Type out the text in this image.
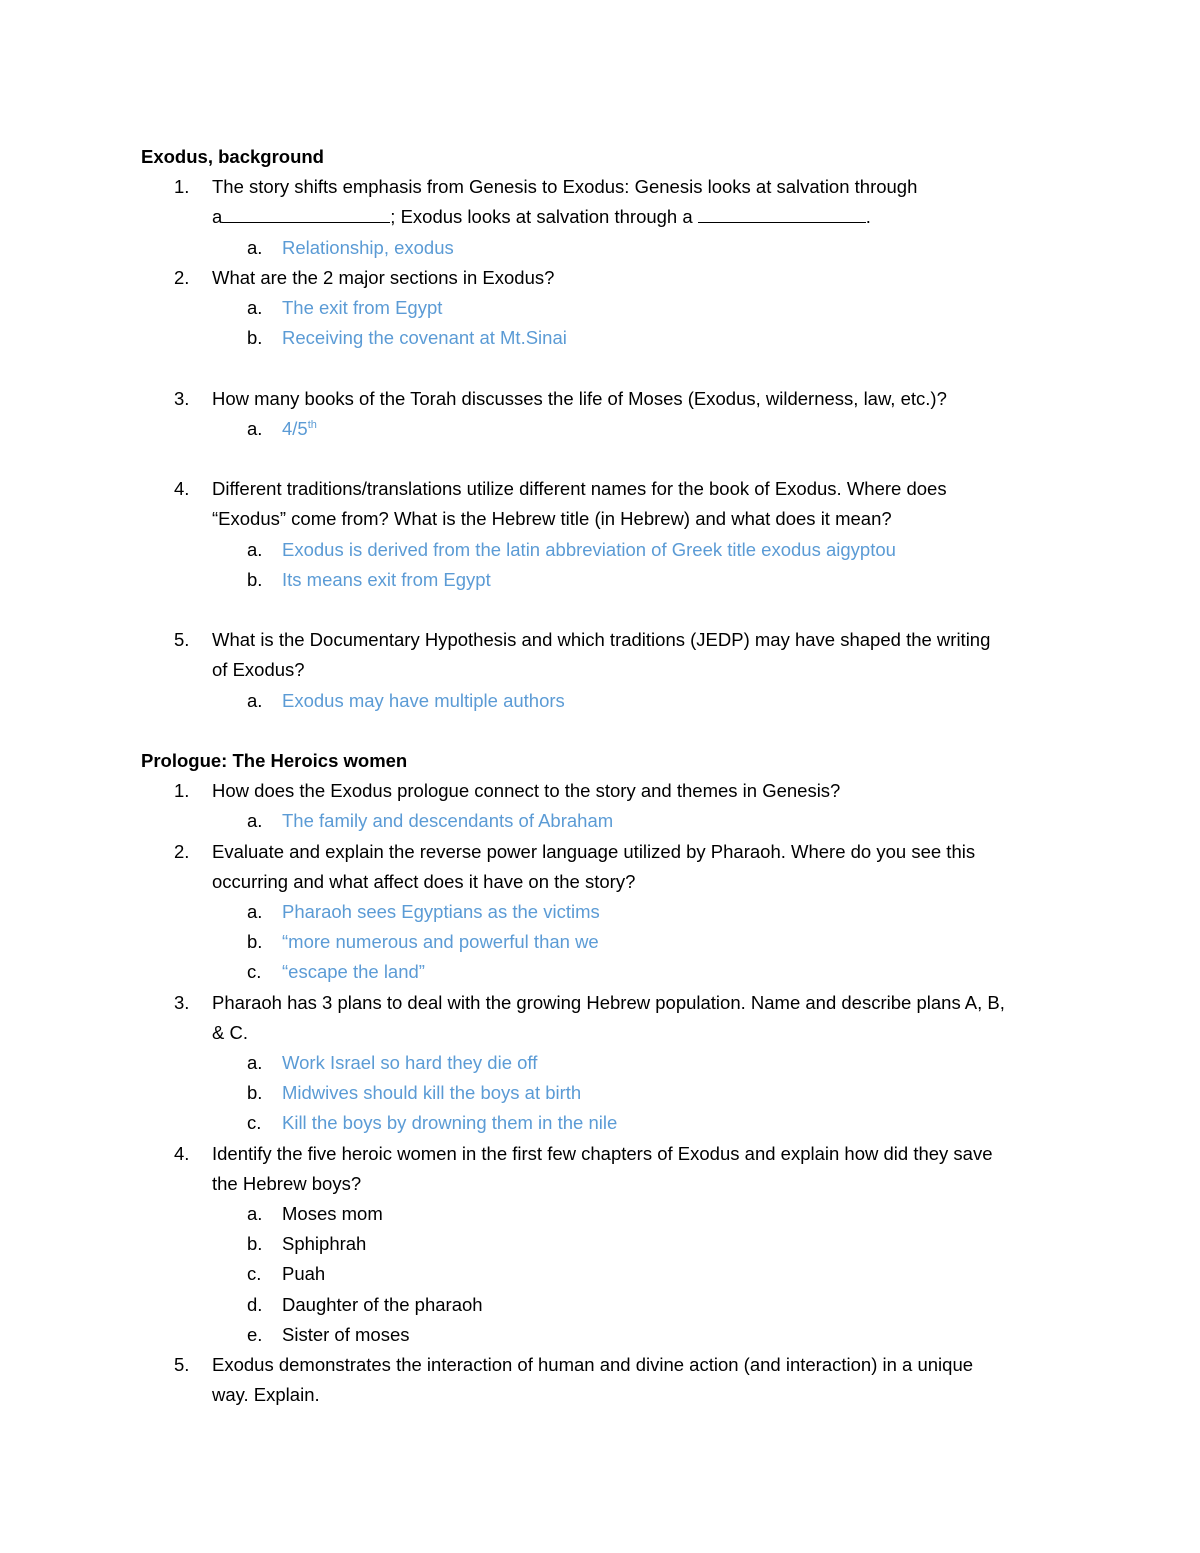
Exodus, background

1. The story shifts emphasis from Genesis to Exodus: Genesis looks at salvation through
a	; Exodus looks at salvation through a	.
a. Relationship, exodus
2. What are the 2 major sections in Exodus?
a. The exit from Egypt
b. Receiving the covenant at Mt.Sinai
3. How many books of the Torah discusses the life of Moses (Exodus, wilderness, law, etc.)?
a. 4/5th
4. Different traditions/translations utilize different names for the book of Exodus. Where does
“Exodus” come from? What is the Hebrew title (in Hebrew) and what does it mean?
a. Exodus is derived from the latin abbreviation of Greek title exodus aigyptou
b. Its means exit from Egypt
5. What is the Documentary Hypothesis and which traditions (JEDP) may have shaped the writing
of Exodus?
a. Exodus may have multiple authors

Prologue: The Heroics women

1. How does the Exodus prologue connect to the story and themes in Genesis?
a. The family and descendants of Abraham
2. Evaluate and explain the reverse power language utilized by Pharaoh. Where do you see this
occurring and what affect does it have on the story?
a. Pharaoh sees Egyptians as the victims
b. “more numerous and powerful than we
c. “escape the land”
3. Pharaoh has 3 plans to deal with the growing Hebrew population. Name and describe plans A, B,
& C.
a. Work Israel so hard they die off
b. Midwives should kill the boys at birth
c. Kill the boys by drowning them in the nile
4. Identify the five heroic women in the first few chapters of Exodus and explain how did they save
the Hebrew boys?
a. Moses mom
b. Sphiphrah
c. Puah
d. Daughter of the pharaoh
e. Sister of moses
5. Exodus demonstrates the interaction of human and divine action (and interaction) in a unique
way. Explain.
